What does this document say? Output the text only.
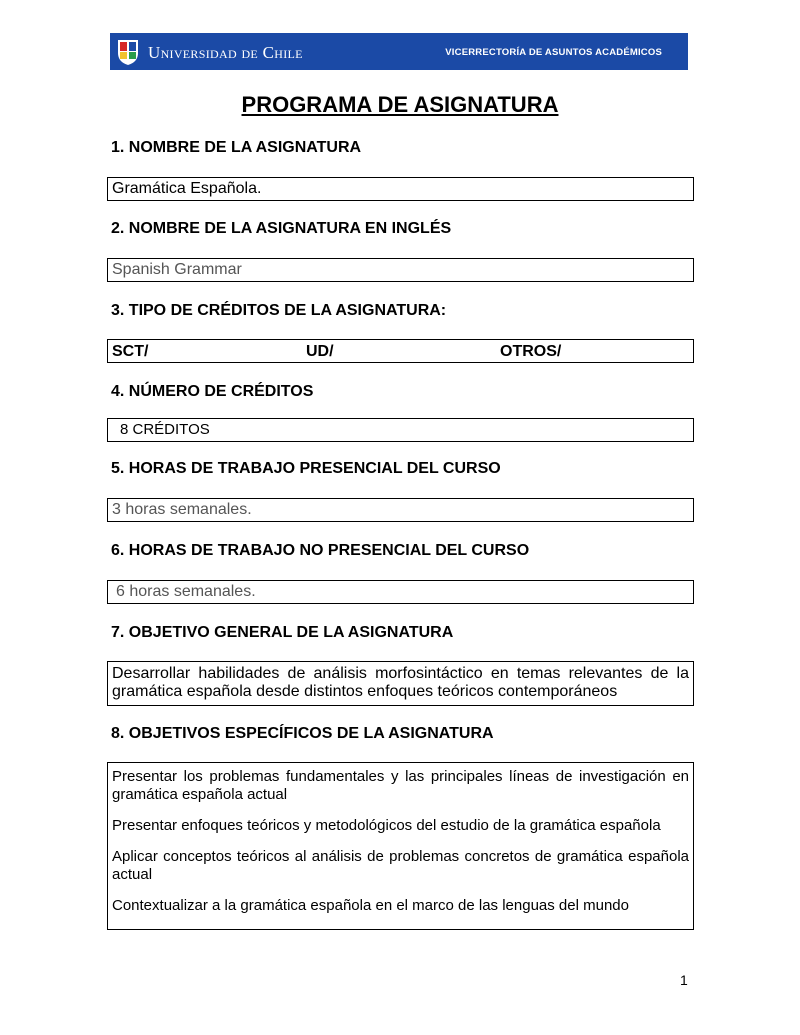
Universidad de Chile	VICERRECTORÍA DE ASUNTOS ACADÉMICOS
PROGRAMA DE ASIGNATURA
1. NOMBRE DE LA ASIGNATURA
Gramática Española.
2. NOMBRE DE LA ASIGNATURA EN INGLÉS
Spanish Grammar
3. TIPO DE CRÉDITOS DE LA ASIGNATURA:
SCT/	UD/	OTROS/
4. NÚMERO DE CRÉDITOS
8 CRÉDITOS
5. HORAS DE TRABAJO PRESENCIAL DEL CURSO
3 horas semanales.
6. HORAS DE TRABAJO NO PRESENCIAL DEL CURSO
6 horas semanales.
7. OBJETIVO GENERAL DE LA ASIGNATURA

Desarrollar habilidades de análisis morfosintáctico en temas relevantes de la gramática española desde distintos enfoques teóricos contemporáneos

8. OBJETIVOS ESPECÍFICOS DE LA ASIGNATURA

Presentar los problemas fundamentales y las principales líneas de investigación en gramática española actual

Presentar enfoques teóricos y metodológicos del estudio de la gramática española

Aplicar conceptos teóricos al análisis de problemas concretos de gramática española actual

Contextualizar a la gramática española en el marco de las lenguas del mundo

1
